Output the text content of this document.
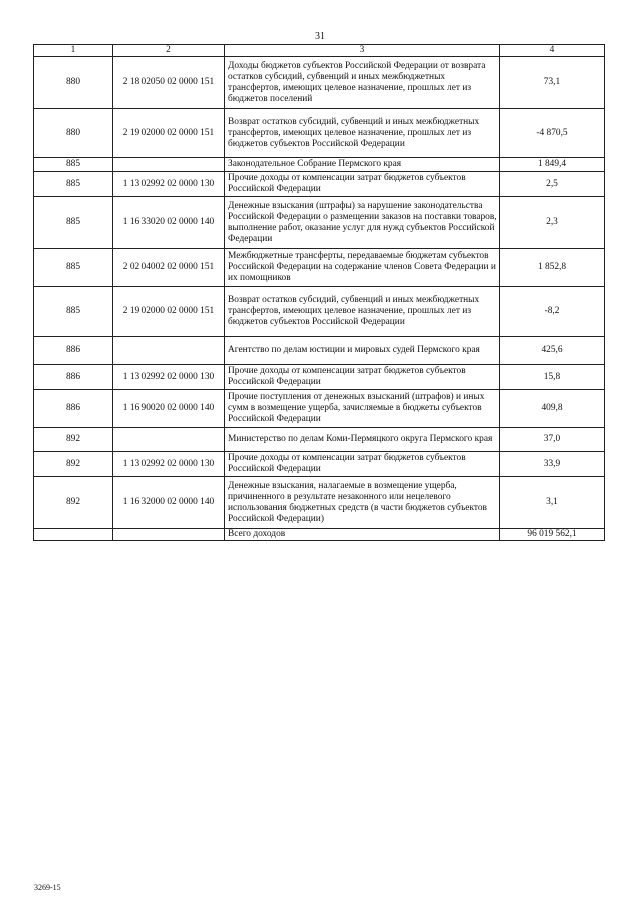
31
1	2	3	4
880	2 18 02050 02 0000 151	Доходы бюджетов субъектов Российской Федерации от возврата остатков субсидий, субвенций и иных межбюджетных трансфертов, имеющих целевое назначение, прошлых лет из бюджетов поселений	73,1
880	2 19 02000 02 0000 151	Возврат остатков субсидий, субвенций и иных межбюджетных трансфертов, имеющих целевое назначение, прошлых лет из бюджетов субъектов Российской Федерации	-4 870,5
885		Законодательное Собрание Пермского края	1 849,4
885	1 13 02992 02 0000 130	Прочие доходы от компенсации затрат бюджетов субъектов Российской Федерации	2,5
885	1 16 33020 02 0000 140	Денежные взыскания (штрафы) за нарушение законодательства Российской Федерации о размещении заказов на поставки товаров, выполнение работ, оказание услуг для нужд субъектов Российской Федерации	2,3
885	2 02 04002 02 0000 151	Межбюджетные трансферты, передаваемые бюджетам субъектов Российской Федерации на содержание членов Совета Федерации и их помощников	1 852,8
885	2 19 02000 02 0000 151	Возврат остатков субсидий, субвенций и иных межбюджетных трансфертов, имеющих целевое назначение, прошлых лет из бюджетов субъектов Российской Федерации	-8,2
886		Агентство по делам юстиции и мировых судей Пермского края	425,6
886	1 13 02992 02 0000 130	Прочие доходы от компенсации затрат бюджетов субъектов Российской Федерации	15,8
886	1 16 90020 02 0000 140	Прочие поступления от денежных взысканий (штрафов) и иных сумм в возмещение ущерба, зачисляемые в бюджеты субъектов Российской Федерации	409,8
892		Министерство по делам Коми-Пермяцкого округа Пермского края	37,0
892	1 13 02992 02 0000 130	Прочие доходы от компенсации затрат бюджетов субъектов Российской Федерации	33,9
892	1 16 32000 02 0000 140	Денежные взыскания, налагаемые в возмещение ущерба, причиненного в результате незаконного или нецелевого использования бюджетных средств (в части бюджетов субъектов Российской Федерации)	3,1
		Всего доходов	96 019 562,1
3269-15
